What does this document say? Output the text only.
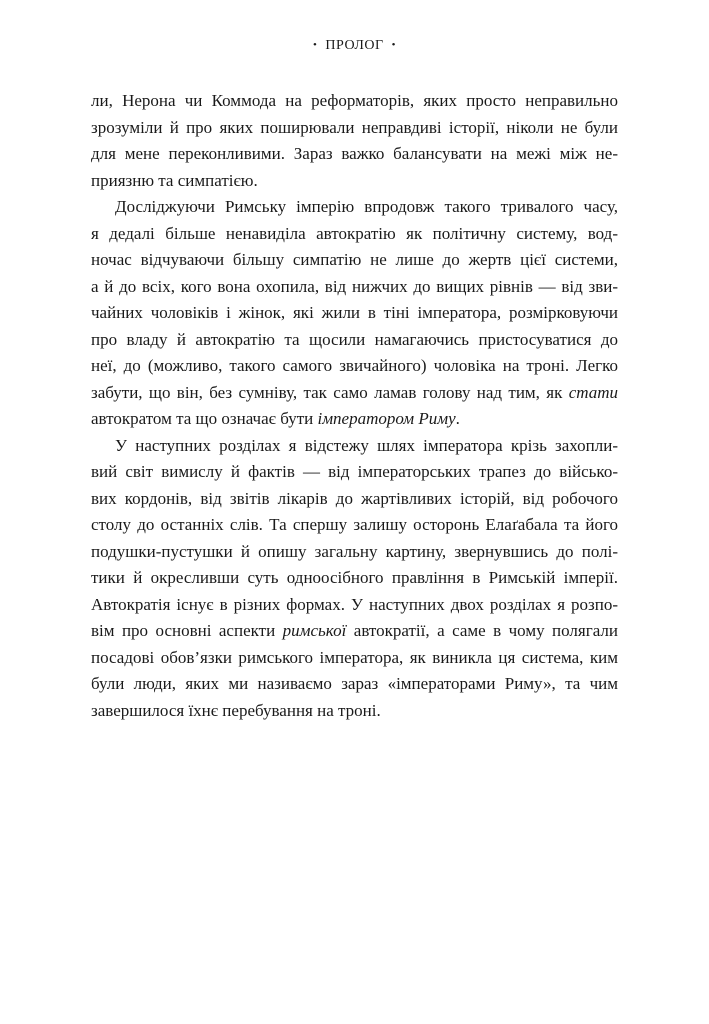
• ПРОЛОГ •
ли, Нерона чи Коммода на реформаторів, яких просто неправильно
зрозуміли й про яких поширювали неправдиві історії, ніколи не були
для мене переконливими. Зараз важко балансувати на межі між не-
приязню та симпатією.
Досліджуючи Римську імперію впродовж такого тривалого часу,
я дедалі більше ненавиділа автократію як політичну систему, вод-
ночас відчуваючи більшу симпатію не лише до жертв цієї системи,
а й до всіх, кого вона охопила, від нижчих до вищих рівнів — від зви-
чайних чоловіків і жінок, які жили в тіні імператора, розмірковуючи
про владу й автократію та щосили намагаючись пристосуватися до
неї, до (можливо, такого самого звичайного) чоловіка на троні. Легко
забути, що він, без сумніву, так само ламав голову над тим, як стати
автократом та що означає бути імператором Риму.
У наступних розділах я відстежу шлях імператора крізь захопли-
вий світ вимислу й фактів — від імператорських трапез до військо-
вих кордонів, від звітів лікарів до жартівливих історій, від робочого
столу до останніх слів. Та спершу залишу осторонь Елаґабала та його
подушки-пустушки й опишу загальну картину, звернувшись до полі-
тики й окресливши суть одноосібного правління в Римській імперії.
Автократія існує в різних формах. У наступних двох розділах я розпо-
вім про основні аспекти римської автократії, а саме в чому полягали
посадові обов’язки римського імператора, як виникла ця система, ким
були люди, яких ми називаємо зараз «імператорами Риму», та чим
завершилося їхнє перебування на троні.
